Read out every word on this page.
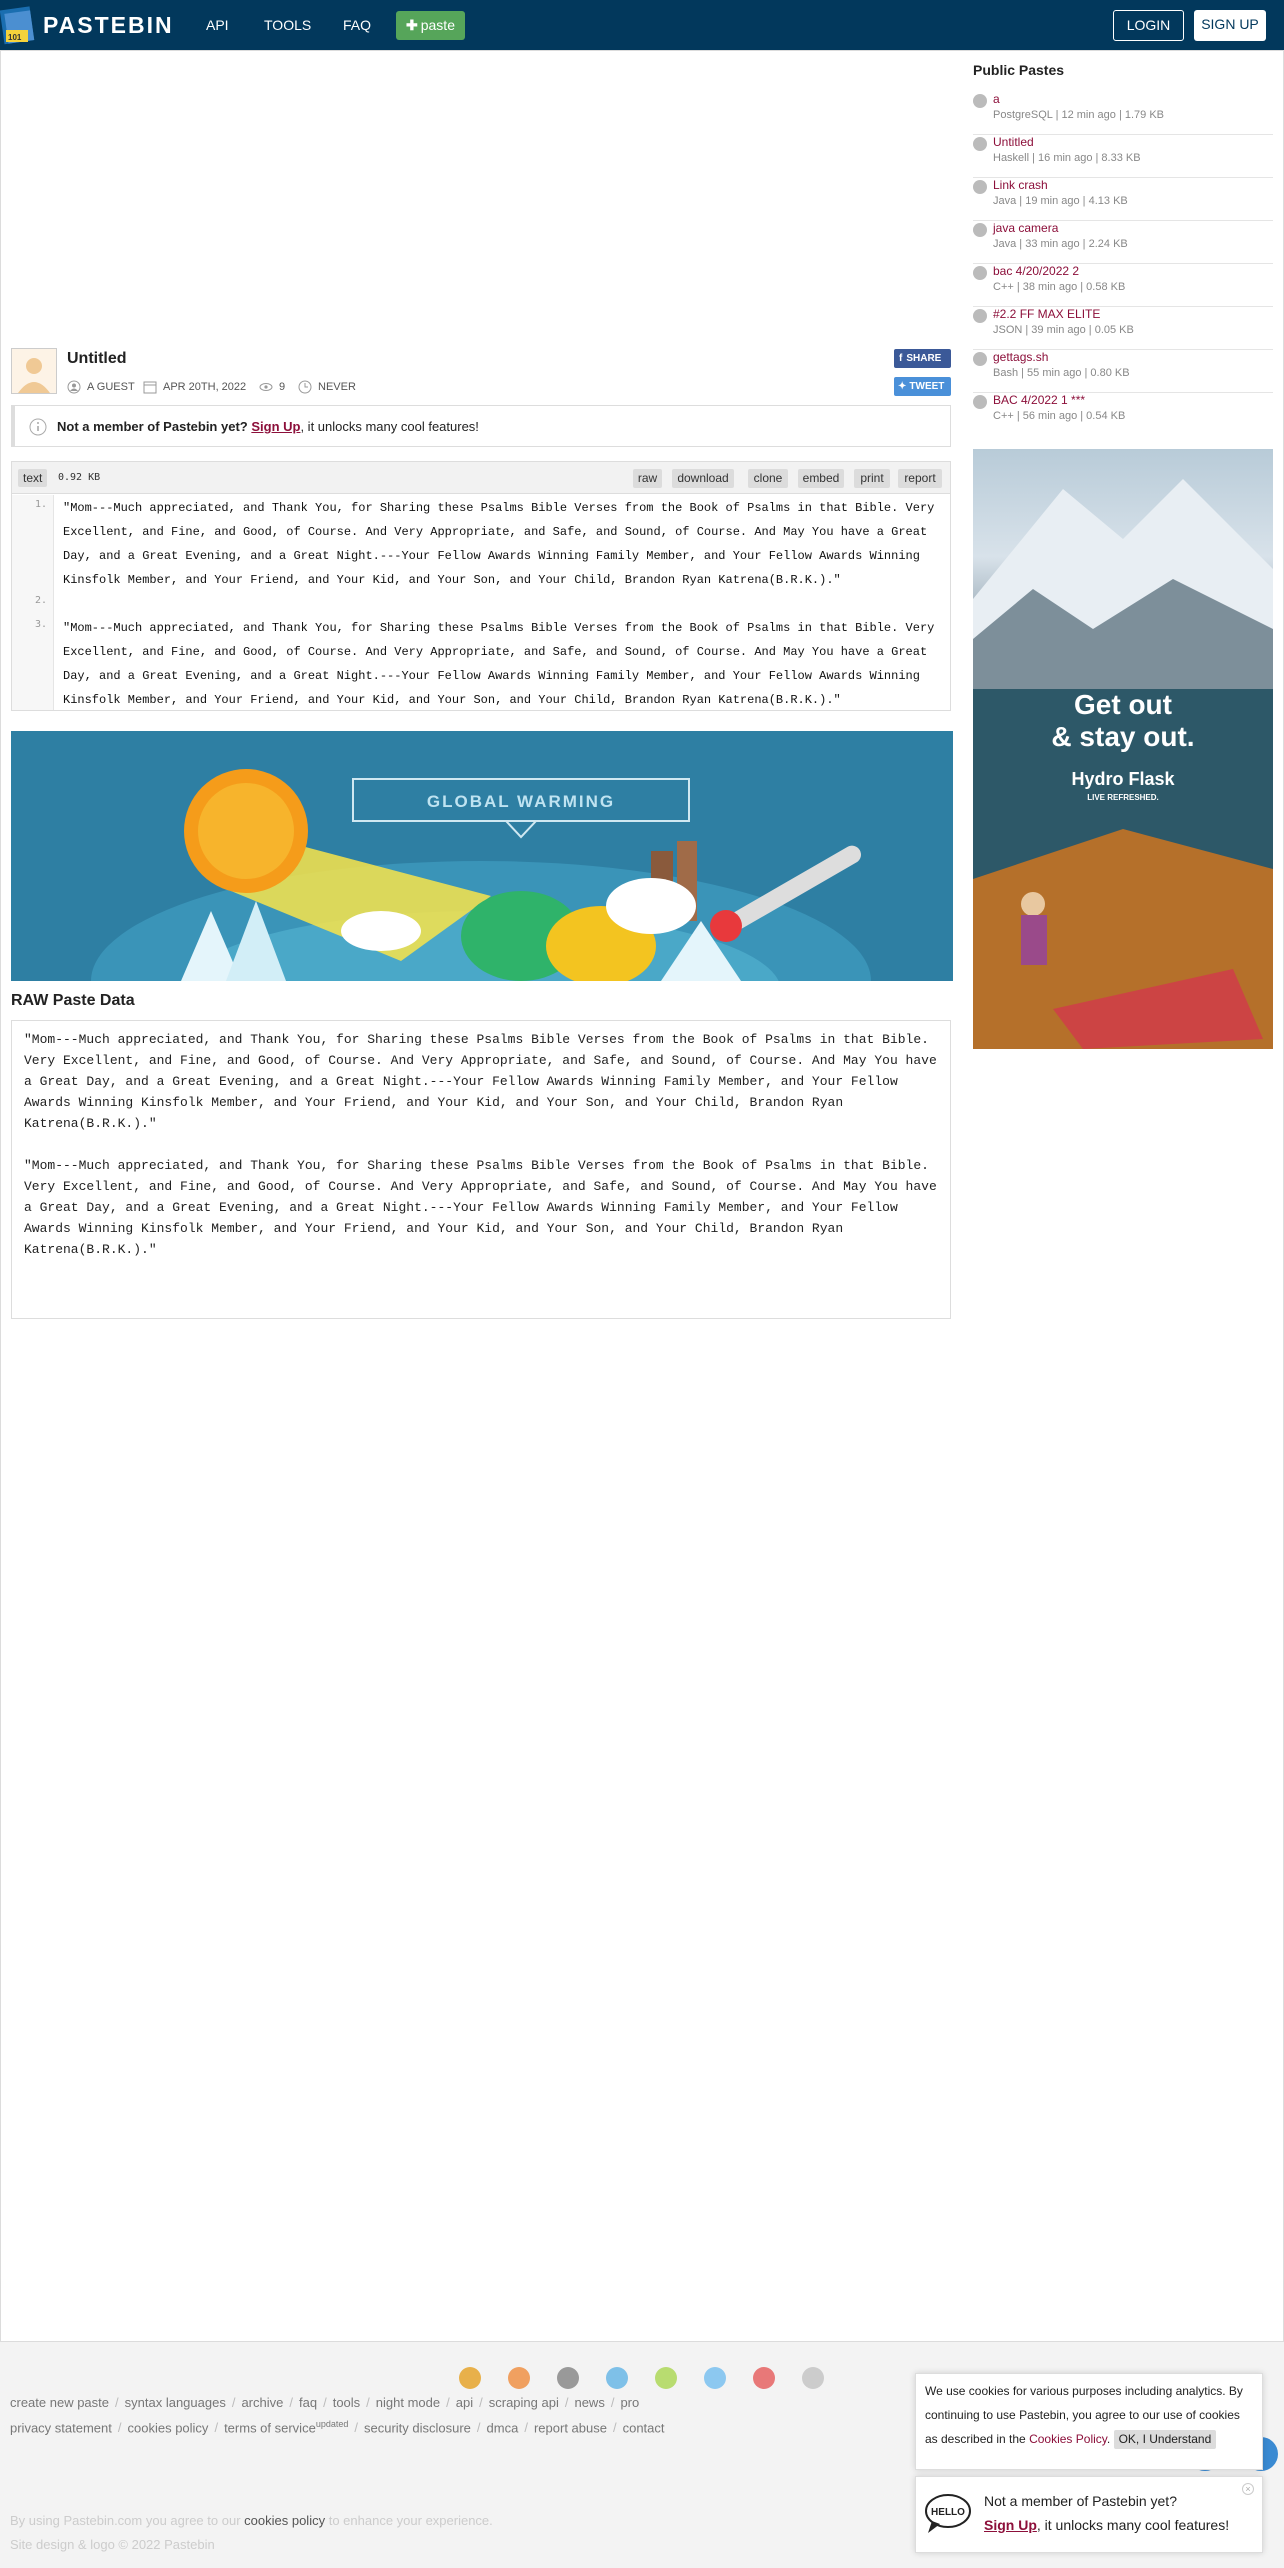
101 PASTEBIN API	TOOLS FAQ	✚ paste	LOGIN	SIGN UP
Untitled
A GUEST	APR 20TH, 2022	9	NEVER
f SHARE
✦ TWEET
Not a member of Pastebin yet? Sign Up, it unlocks many cool features!
text	0.92 KB	raw	download	clone	embed	print	report
1.
2.
3.
"Mom---Much appreciated, and Thank You, for Sharing these Psalms Bible Verses from the Book of Psalms in that Bible. Very Excellent, and Fine, and Good, of Course. And Very Appropriate, and Safe, and Sound, of Course. And May You have a Great Day, and a Great Evening, and a Great Night.---Your Fellow Awards Winning Family Member, and Your Fellow Awards Winning Kinsfolk Member, and Your Friend, and Your Kid, and Your Son, and Your Child, Brandon Ryan Katrena(B.R.K.)."
"Mom---Much appreciated, and Thank You, for Sharing these Psalms Bible Verses from the Book of Psalms in that Bible. Very Excellent, and Fine, and Good, of Course. And Very Appropriate, and Safe, and Sound, of Course. And May You have a Great Day, and a Great Evening, and a Great Night.---Your Fellow Awards Winning Family Member, and Your Fellow Awards Winning Kinsfolk Member, and Your Friend, and Your Kid, and Your Son, and Your Child, Brandon Ryan Katrena(B.R.K.)."
GLOBAL WARMING
RAW Paste Data

"Mom---Much appreciated, and Thank You, for Sharing these Psalms Bible Verses from the Book of Psalms in that Bible. Very Excellent, and Fine, and Good, of Course. And Very Appropriate, and Safe, and Sound, of Course. And May You have a Great Day, and a Great Evening, and a Great Night.---Your Fellow Awards Winning Family Member, and Your Fellow Awards Winning Kinsfolk Member, and Your Friend, and Your Kid, and Your Son, and Your Child, Brandon Ryan Katrena(B.R.K.)."

"Mom---Much appreciated, and Thank You, for Sharing these Psalms Bible Verses from the Book of Psalms in that Bible. Very Excellent, and Fine, and Good, of Course. And Very Appropriate, and Safe, and Sound, of Course. And May You have a Great Day, and a Great Evening, and a Great Night.---Your Fellow Awards Winning Family Member, and Your Fellow Awards Winning Kinsfolk Member, and Your Friend, and Your Kid, and Your Son, and Your Child, Brandon Ryan Katrena(B.R.K.)."

Public Pastes
a
PostgreSQL | 12 min ago | 1.79 KB
Untitled
Haskell | 16 min ago | 8.33 KB
Link crash
Java | 19 min ago | 4.13 KB
java camera
Java | 33 min ago | 2.24 KB
bac 4/20/2022 2
C++ | 38 min ago | 0.58 KB
#2.2 FF MAX ELITE
JSON | 39 min ago | 0.05 KB
gettags.sh
Bash | 55 min ago | 0.80 KB
BAC 4/2022 1 ***
C++ | 56 min ago | 0.54 KB
Get out
& stay out.
Hydro Flask
LIVE REFRESHED.
create new paste / syntax languages / archive / faq / tools / night mode / api / scraping api / news / pro
privacy statement / cookies policy / terms of service$^{updated}$ / security disclosure / dmca / report abuse / contact
By using Pastebin.com you agree to our cookies policy to enhance your experience.
Site design & logo © 2022 Pastebin
We use cookies for various purposes including analytics. By continuing to use Pastebin, you agree to our use of cookies as described in the Cookies Policy. OK, I Understand
HELLO
Not a member of Pastebin yet?
Sign Up, it unlocks many cool features!
×
